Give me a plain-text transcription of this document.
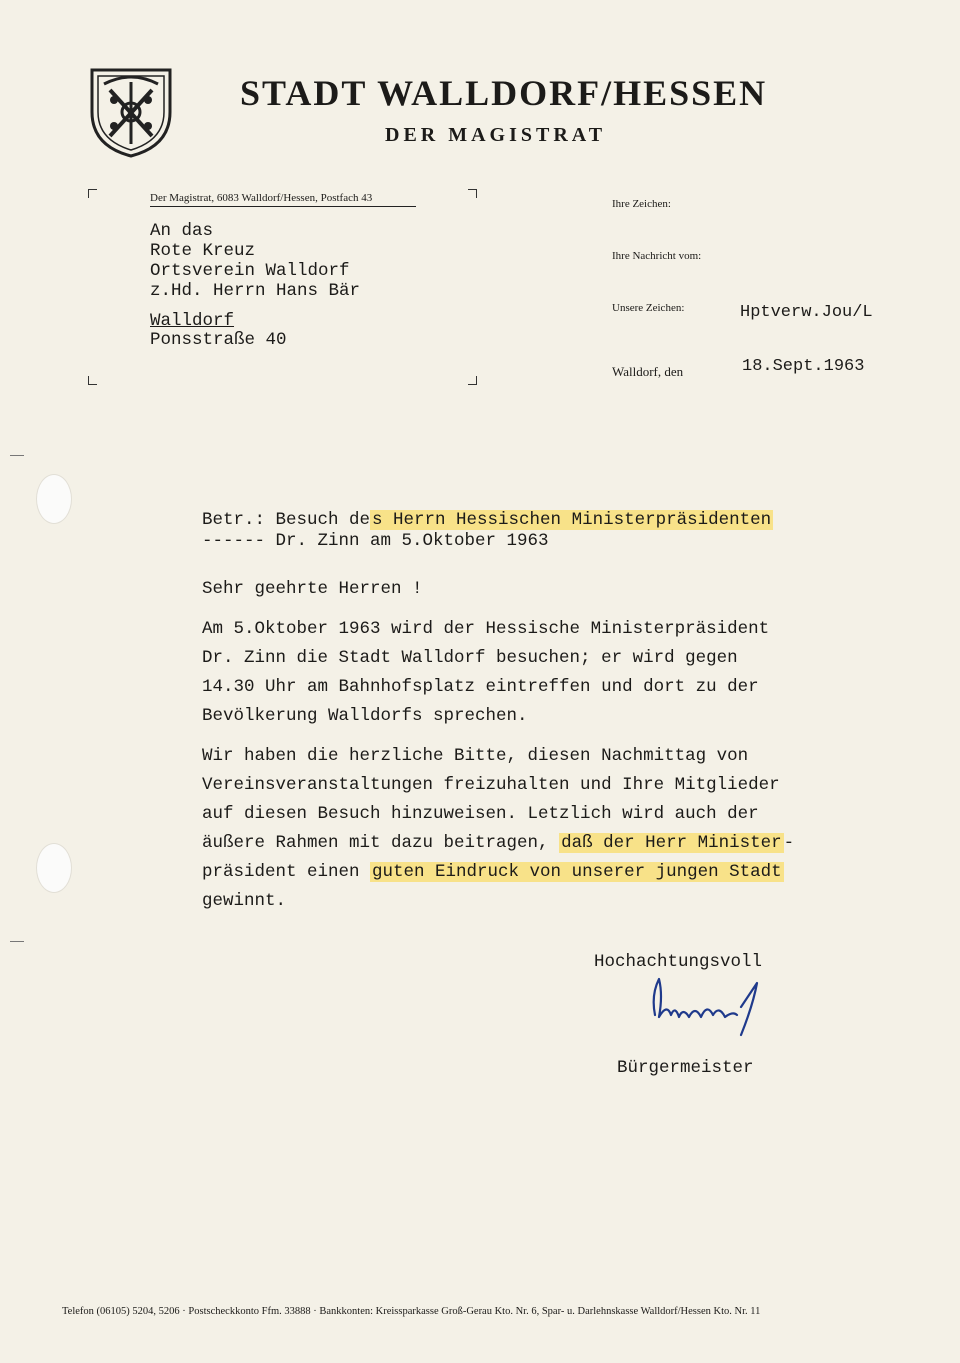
STADT WALLDORF/HESSEN
DER MAGISTRAT
Der Magistrat, 6083 Walldorf/Hessen, Postfach 43
An das
Rote Kreuz
Ortsverein Walldorf
z.Hd. Herrn Hans Bär
Walldorf
Ponsstraße 40
Ihre Zeichen:
Ihre Nachricht vom:
Unsere Zeichen:	Hptverw.Jou/L
Walldorf, den	18.Sept.1963
Betr.: Besuch de s Herrn Hessischen Ministerpräsidenten
------ Dr. Zinn am 5.Oktober 1963
Sehr geehrte Herren !
Am 5.Oktober 1963 wird der Hessische Ministerpräsident
Dr. Zinn die Stadt Walldorf besuchen; er wird gegen
14.30 Uhr am Bahnhofsplatz eintreffen und dort zu der
Bevölkerung Walldorfs sprechen.
Wir haben die herzliche Bitte, diesen Nachmittag von
Vereinsveranstaltungen freizuhalten und Ihre Mitglieder
auf diesen Besuch hinzuweisen. Letzlich wird auch der
äußere Rahmen mit dazu beitragen, daß der Herr Minister -
präsident einen guten Eindruck von unserer jungen Stadt
gewinnt.
Hochachtungsvoll
Bürgermeister
Telefon (06105) 5204, 5206 · Postscheckkonto Ffm. 33888 · Bankkonten: Kreissparkasse Groß-Gerau Kto. Nr. 6, Spar- u. Darlehnskasse Walldorf/Hessen Kto. Nr. 11
